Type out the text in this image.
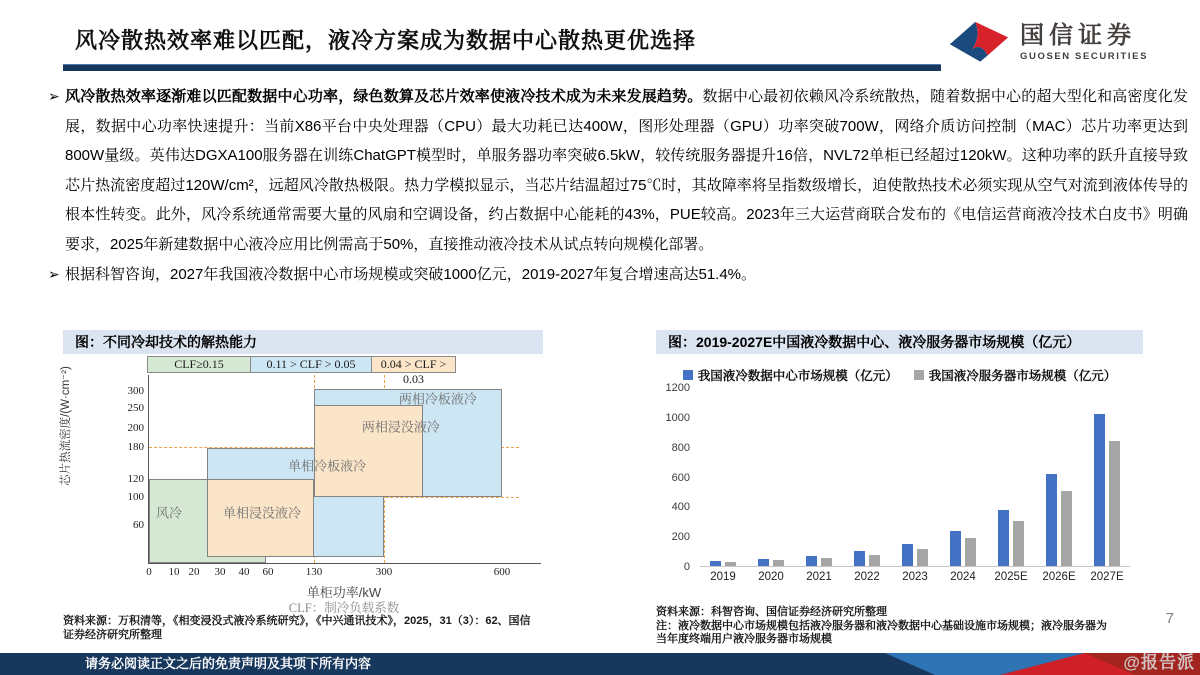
风冷散热效率难以匹配，液冷方案成为数据中心散热更优选择	国信证券
GUOSEN SECURITIES

➢ 风冷散热效率逐渐难以匹配数据中心功率，绿色数算及芯片效率使液冷技术成为未来发展趋势。数据中心最初依赖风冷系统散热，随着数据中心的超大型化和高密度化发展，数据中心功率快速提升：当前X86平台中央处理器（CPU）最大功耗已达400W，图形处理器（GPU）功率突破700W，网络介质访问控制（MAC）芯片功率更达到800W量级。英伟达DGXA100服务器在训练ChatGPT模型时，单服务器功率突破6.5kW，较传统服务器提升16倍，NVL72单柜已经超过120kW。这种功率的跃升直接导致芯片热流密度超过120W/cm²，远超风冷散热极限。热力学模拟显示，当芯片结温超过75℃时，其故障率将呈指数级增长，迫使散热技术必须实现从空气对流到液体传导的根本性转变。此外，风冷系统通常需要大量的风扇和空调设备，约占数据中心能耗的43%，PUE较高。2023年三大运营商联合发布的《电信运营商液冷技术白皮书》明确要求，2025年新建数据中心液冷应用比例需高于50%，直接推动液冷技术从试点转向规模化部署。

➢ 根据科智咨询，2027年我国液冷数据中心市场规模或突破1000亿元，2019-2027年复合增速高达51.4%。

图：不同冷却技术的解热能力
CLF≥0.15	0.11 > CLF > 0.05	0.04 > CLF > 0.03
芯片热流密度/(W·cm⁻²)
风冷
单相冷板液冷
单相浸没液冷
两相冷板液冷
两相浸没液冷
0 10 20 30 40 60	130	300	600
60
100
120
180
200
250
300
单柜功率/kW
CLF：制冷负载系数
资料来源：万积清等，《相变浸没式液冷系统研究》，《中兴通讯技术》，2025，31（3）：62、国信证券经济研究所整理
图：2019-2027E中国液冷数据中心、液冷服务器市场规模（亿元）
我国液冷数据中心市场规模（亿元） 我国液冷服务器市场规模（亿元）
0
200
400
600
800
1000
1200
2019 2020 2021 2022 2023 2024 2025E 2026E 2027E
资料来源：科智咨询、国信证券经济研究所整理
注：液冷数据中心市场规模包括液冷服务器和液冷数据中心基础设施市场规模；液冷服务器为当年度终端用户液冷服务器市场规模
7
请务必阅读正文之后的免责声明及其项下所有内容	@报告派
